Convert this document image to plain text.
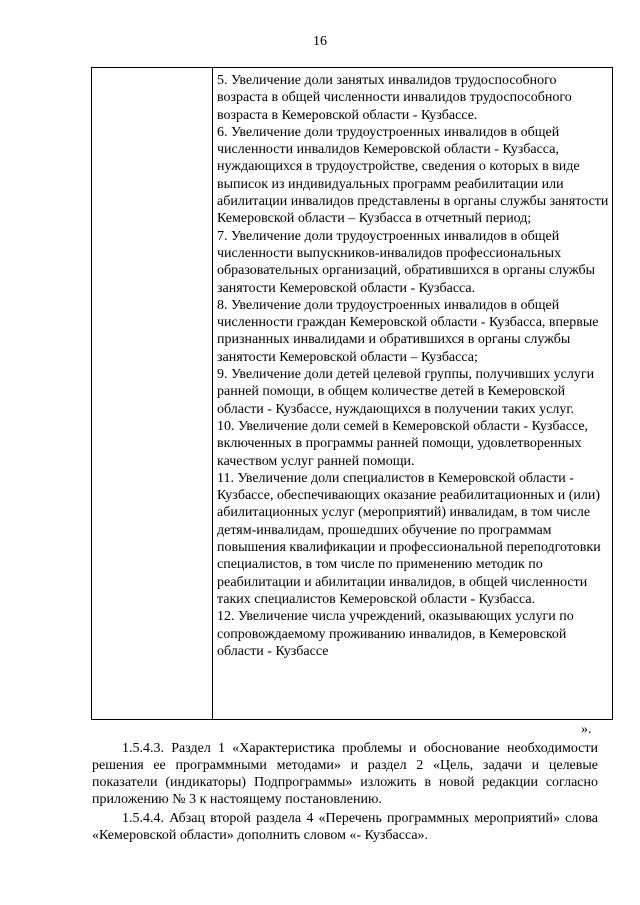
16

5. Увеличение доли занятых инвалидов трудоспособного возраста в общей численности инвалидов трудоспособного возраста в Кемеровской области - Кузбассе.

6. Увеличение доли трудоустроенных инвалидов в общей численности инвалидов Кемеровской области - Кузбасса, нуждающихся в трудоустройстве, сведения о которых в виде выписок из индивидуальных программ реабилитации или абилитации инвалидов представлены в органы службы занятости Кемеровской области – Кузбасса в отчетный период;

7. Увеличение доли трудоустроенных инвалидов в общей численности выпускников-инвалидов профессиональных образовательных организаций, обратившихся в органы службы занятости Кемеровской области - Кузбасса.

8. Увеличение доли трудоустроенных инвалидов в общей численности граждан Кемеровской области - Кузбасса, впервые признанных инвалидами и обратившихся в органы службы занятости Кемеровской области – Кузбасса;

9. Увеличение доли детей целевой группы, получивших услуги ранней помощи, в общем количестве детей в Кемеровской области - Кузбассе, нуждающихся в получении таких услуг.

10. Увеличение доли семей в Кемеровской области - Кузбассе, включенных в программы ранней помощи, удовлетворенных качеством услуг ранней помощи.

11. Увеличение доли специалистов в Кемеровской области - Кузбассе, обеспечивающих оказание реабилитационных и (или) абилитационных услуг (мероприятий) инвалидам, в том числе детям-инвалидам, прошедших обучение по программам повышения квалификации и профессиональной переподготовки специалистов, в том числе по применению методик по реабилитации и абилитации инвалидов, в общей численности таких специалистов Кемеровской области - Кузбасса.

12. Увеличение числа учреждений, оказывающих услуги по сопровождаемому проживанию инвалидов, в Кемеровской области - Кузбассе

».

1.5.4.3. Раздел 1 «Характеристика проблемы и обоснование необходимости решения ее программными методами» и раздел 2 «Цель, задачи и целевые показатели (индикаторы) Подпрограммы» изложить в новой редакции согласно приложению № 3 к настоящему постановлению.

1.5.4.4. Абзац второй раздела 4 «Перечень программных мероприятий» слова «Кемеровской области» дополнить словом «- Кузбасса».
